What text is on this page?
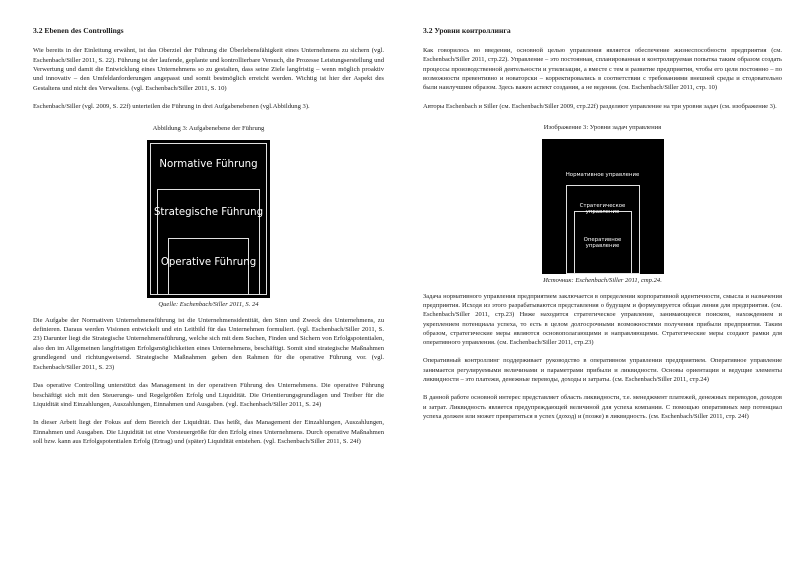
3.2 Ebenen des Controllings

Wie bereits in der Einleitung erwähnt, ist das Oberziel der Führung die Überlebensfähigkeit eines Unternehmens zu sichern (vgl. Eschenbach/Siller 2011, S. 22). Führung ist der laufende, geplante und kontrollierbare Versuch, die Prozesse Leistungserstellung und Verwertung und damit die Entwicklung eines Unternehmens so zu gestalten, dass seine Ziele langfristig – wenn möglich proaktiv und innovativ – den Umfeldanforderungen angepasst und somit bestmöglich erreicht werden. Wichtig ist hier der Aspekt des Gestaltens und nicht des Verwaltens. (vgl. Eschenbach/Siller 2011, S. 10)

Eschenbach/Siller (vgl. 2009, S. 22f) unterteilen die Führung in drei Aufgabenebenen (vgl.Abbildung 3).

Abbildung 3: Aufgabenebene der Führung
Normative Führung
Strategische Führung
Operative Führung
Quelle: Eschenbach/Siller 2011, S. 24

Die Aufgabe der Normativen Unternehmensführung ist die Unternehmensidentität, den Sinn und Zweck des Unternehmens, zu definieren. Daraus werden Visionen entwickelt und ein Leitbild für das Unternehmen formuliert. (vgl. Eschenbach/Siller 2011, S. 23) Darunter liegt die Strategische Unternehmensführung, welche sich mit dem Suchen, Finden und Sichern von Erfolgspotentialen, also den im Allgemeinen langfristigen Erfolgsmöglichkeiten eines Unternehmens, beschäftigt. Somit sind strategische Maßnahmen grundlegend und richtungweisend. Strategische Maßnahmen geben den Rahmen für die operative Führung vor. (vgl. Eschenbach/Siller 2011, S. 23)

Das operative Controlling unterstützt das Management in der operativen Führung des Unternehmens. Die operative Führung beschäftigt sich mit den Steuerungs- und Regelgrößen Erfolg und Liquidität. Die Orientierungsgrundlagen und Treiber für die Liquidität sind Einzahlungen, Auszahlungen, Einnahmen und Ausgaben. (vgl. Eschenbach/Siller 2011, S. 24)

In dieser Arbeit liegt der Fokus auf dem Bereich der Liquidität. Das heißt, das Management der Einzahlungen, Auszahlungen, Einnahmen und Ausgaben. Die Liquidität ist eine Vorsteuergröße für den Erfolg eines Unternehmens. Durch operative Maßnahmen soll bzw. kann aus Erfolgspotentialen Erfolg (Ertrag) und (später) Liquidität entstehen. (vgl. Eschenbach/Siller 2011, S. 24f)

3.2 Уровни контроллинга

Как говорилось во введении, основной целью управления является обеспечение жизнеспособности предприятия (см. Eschenbach/Siller 2011, стр.22). Управление – это постоянная, спланированная и контролируемая попытка таким образом создать процессы производственной деятельности и утилизации, а вместе с тем и развитие предприятия, чтобы его цели постоянно – по возможности превентивно и новаторски – корректировались в соответствии с требованиями внешней среды и стодовательно были наилучшим образом. Здесь важен аспект создания, а не ведения. (см. Eschenbach/Siller 2011, стр. 10)

Авторы Eschenbach и Siller (см. Eschenbach/Siller 2009, стр.22f) разделяют управление на три уровня задач (см. изображение 3).

Изображение 3: Уровни задач управления
Нормативное управление
Стратегическое управление
Оперативное управление
Источник: Eschenbach/Siller 2011, стр.24.

Задача нормативного управления предприятием заключается в определении корпоративной идентичности, смысла и назначения предприятия. Исходя из этого разрабатываются представления о будущем и формулируется общая линия для предприятия. (см. Eschenbach/Siller 2011, стр.23) Ниже находится стратегическое управление, занимающееся поиском, нахождением и укреплением потенциала успеха, то есть в целом долгосрочными возможностями получения прибыли предприятия. Таким образом, стратегические меры являются основополагающими и направляющими. Стратегические меры создают рамки для оперативного управления. (см. Eschenbach/Siller 2011, стр.23)

Оперативный контроллинг поддерживает руководство в оперативном управлении предприятием. Оперативное управление занимается регулируемыми величинами и параметрами прибыли и ликвидности. Основы ориентации и ведущие элементы ликвидности – это платежи, денежные переводы, доходы и затраты. (см. Eschenbach/Siller 2011, стр.24)

В данной работе основной интерес представляет область ликвидности, т.е. менеджмент платежей, денежных переводов, доходов и затрат. Ликвидность является предупреждающей величиной для успеха компании. С помощью оперативных мер потенциал успеха должен или может превратиться в успех (доход) и (позже) в ликвидность. (см. Eschenbach/Siller 2011, стр. 24f)
